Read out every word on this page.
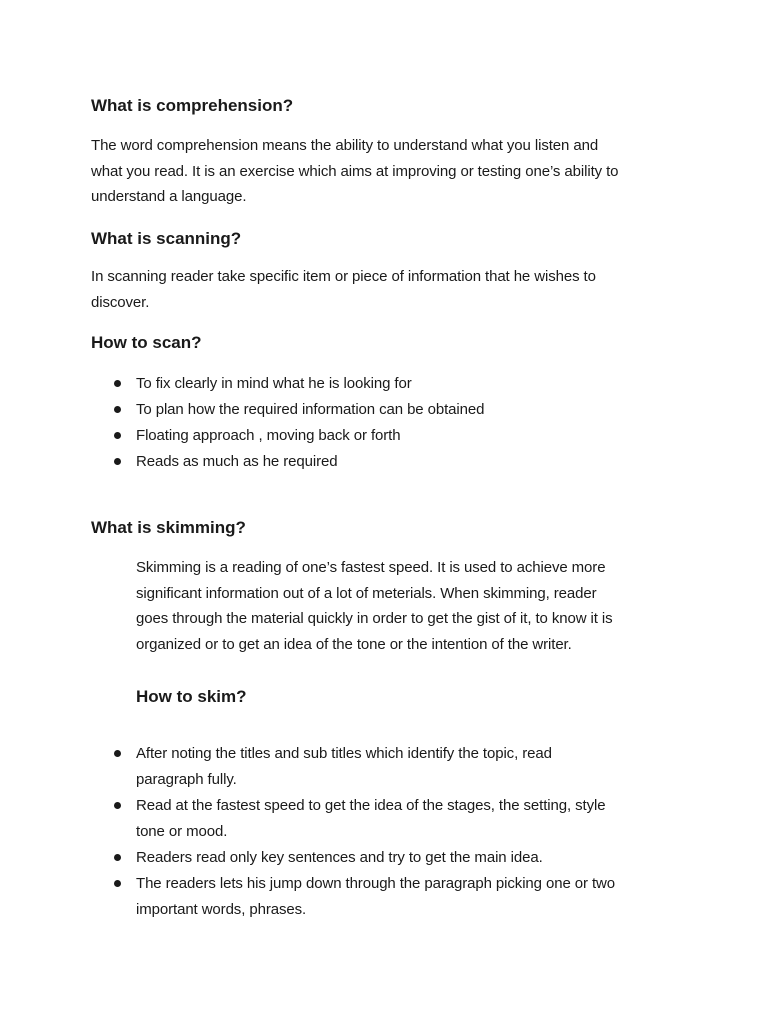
What is comprehension?
The word comprehension means the ability to understand what you listen and
what you read. It is an exercise which aims at improving or testing one’s ability to
understand a language.
What is scanning?
In scanning reader take specific item or piece of information that he wishes to
discover.
How to scan?
To fix clearly in mind what he is looking for
To plan how the required information can be obtained
Floating approach , moving back or forth
Reads as much as he required
What is skimming?
Skimming is a reading of one’s fastest speed. It is used to achieve more
significant information out of a lot of meterials. When skimming, reader
goes through the material quickly in order to get the gist of it, to know it is
organized or to get an idea of the tone or the intention of the writer.
How to skim?
After noting the titles and sub titles which identify the topic, read
paragraph fully.
Read at the fastest speed to get the idea of the stages, the setting, style
tone or mood.
Readers read only key sentences and try to get the main idea.
The readers lets his jump down through the paragraph picking one or two
important words, phrases.
